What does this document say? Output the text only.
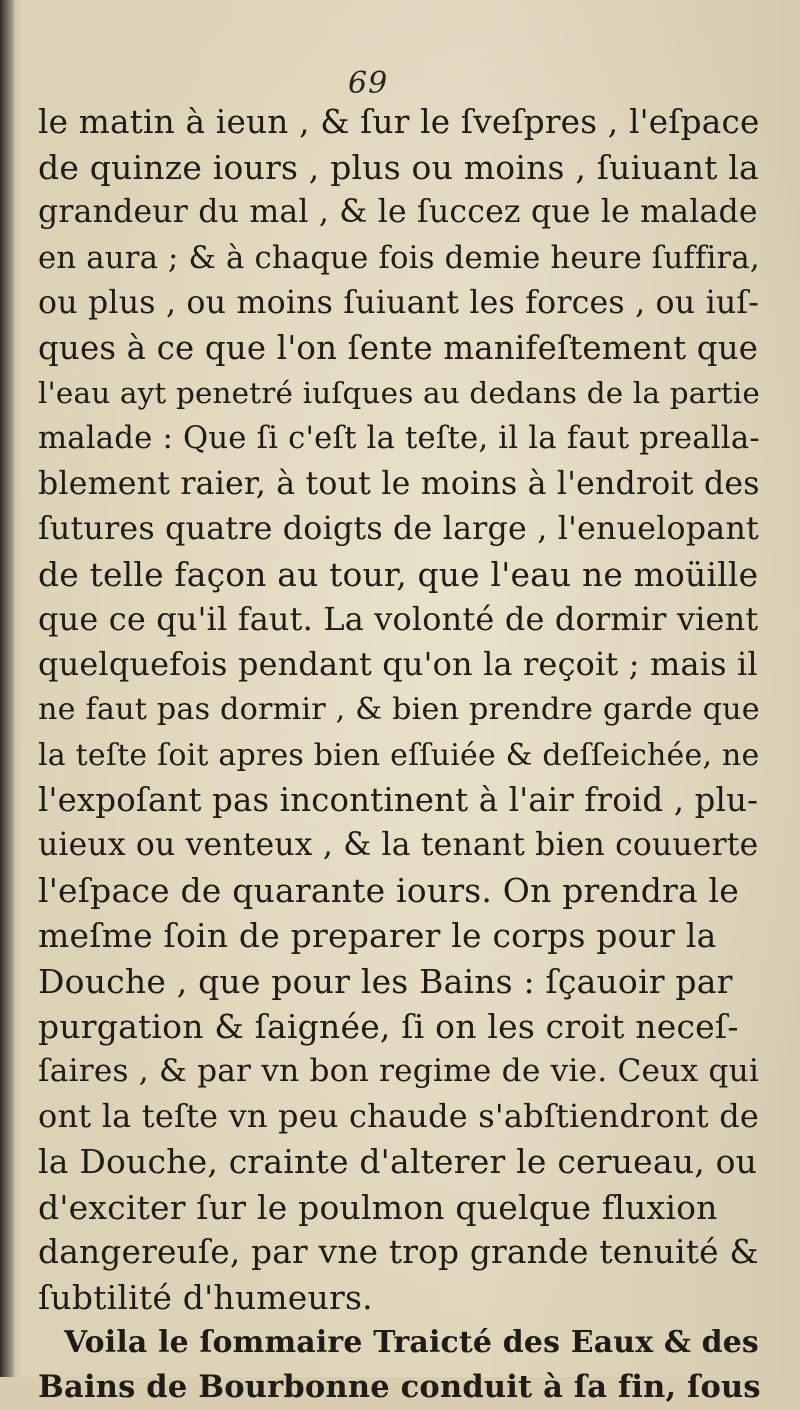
69
le matin à ieun , & ſur le ſveſpres , l'eſpace
de quinze iours , plus ou moins , ſuiuant la
grandeur du mal , & le ſuccez que le malade
en aura ; & à chaque fois demie heure ſuffira,
ou plus , ou moins ſuiuant les forces , ou iuſ-
ques à ce que l'on ſente manifeſtement que
l'eau ayt penetré iuſques au dedans de la partie
malade : Que ſi c'eſt la teſte, il la faut prealla-
blement raier, à tout le moins à l'endroit des
ſutures quatre doigts de large , l'enuelopant
de telle façon au tour, que l'eau ne moüille
que ce qu'il faut. La volonté de dormir vient
quelquefois pendant qu'on la reçoit ; mais il
ne faut pas dormir , & bien prendre garde que
la teſte ſoit apres bien eſſuiée & deſſeichée, ne
l'expoſant pas incontinent à l'air froid , plu-
uieux ou venteux , & la tenant bien couuerte
l'eſpace de quarante iours. On prendra le
meſme ſoin de preparer le corps pour la
Douche , que pour les Bains : ſçauoir par
purgation & ſaignée, ſi on les croit neceſ-
ſaires , & par vn bon regime de vie. Ceux qui
ont la teſte vn peu chaude s'abſtiendront de
la Douche, crainte d'alterer le cerueau, ou
d'exciter ſur le poulmon quelque fluxion
dangereuſe, par vne trop grande tenuité &
ſubtilité d'humeurs.
Voila le ſommaire Traicté des Eaux & des
Bains de Bourbonne conduit à ſa fin, ſous
